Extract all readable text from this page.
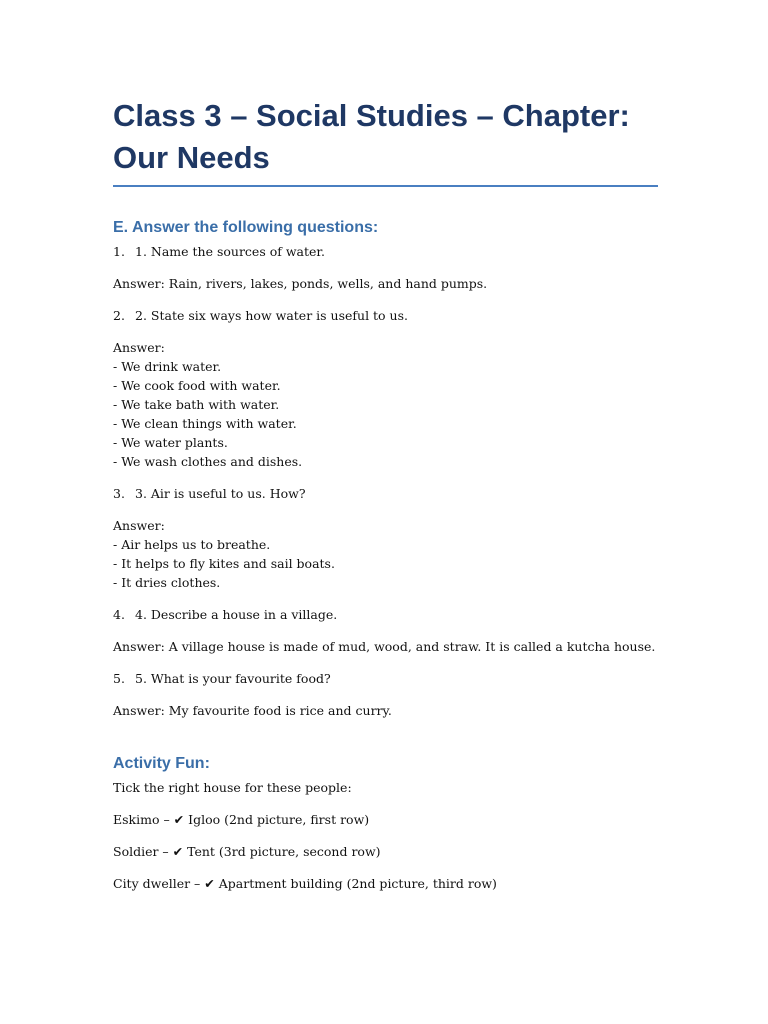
Class 3 – Social Studies – Chapter: Our Needs
E. Answer the following questions:
1. 1. Name the sources of water.

Answer: Rain, rivers, lakes, ponds, wells, and hand pumps.

2. 2. State six ways how water is useful to us.

Answer:

- We drink water.

- We cook food with water.

- We take bath with water.

- We clean things with water.

- We water plants.

- We wash clothes and dishes.

3. 3. Air is useful to us. How?

Answer:

- Air helps us to breathe.

- It helps to fly kites and sail boats.

- It dries clothes.

4. 4. Describe a house in a village.

Answer: A village house is made of mud, wood, and straw. It is called a kutcha house.

5. 5. What is your favourite food?

Answer: My favourite food is rice and curry.

Activity Fun:

Tick the right house for these people:

Eskimo – ✔ Igloo (2nd picture, first row)

Soldier – ✔ Tent (3rd picture, second row)

City dweller – ✔ Apartment building (2nd picture, third row)
